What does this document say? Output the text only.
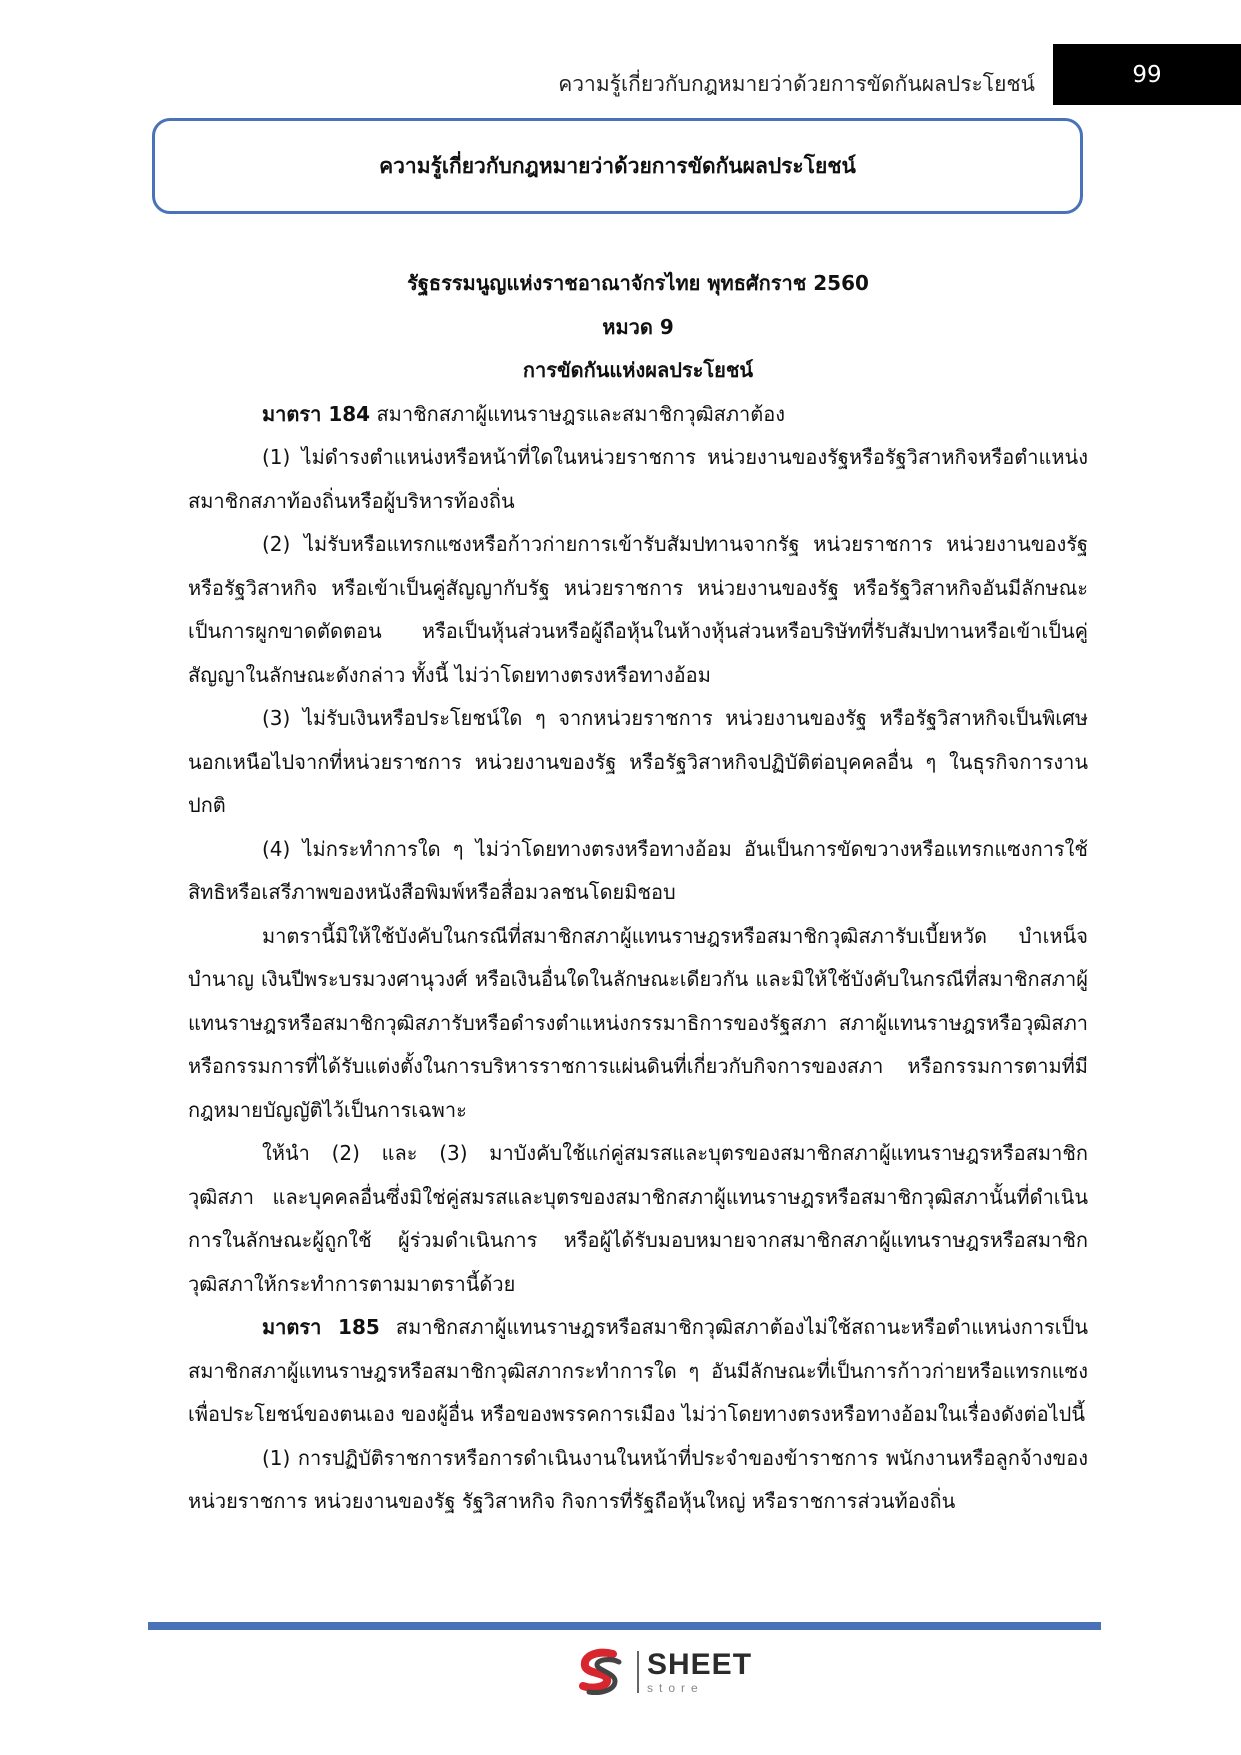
ความรู้เกี่ยวกับกฎหมายว่าด้วยการขัดกันผลประโยชน์	99
ความรู้เกี่ยวกับกฎหมายว่าด้วยการขัดกันผลประโยชน์

รัฐธรรมนูญแห่งราชอาณาจักรไทย พุทธศักราช 2560

หมวด 9

การขัดกันแห่งผลประโยชน์

มาตรา 184 สมาชิกสภาผู้แทนราษฎรและสมาชิกวุฒิสภาต้อง

(1) ไม่ดำรงตำแหน่งหรือหน้าที่ใดในหน่วยราชการ หน่วยงานของรัฐหรือรัฐวิสาหกิจหรือตำแหน่งสมาชิกสภาท้องถิ่นหรือผู้บริหารท้องถิ่น

(2) ไม่รับหรือแทรกแซงหรือก้าวก่ายการเข้ารับสัมปทานจากรัฐ หน่วยราชการ หน่วยงานของรัฐหรือรัฐวิสาหกิจ หรือเข้าเป็นคู่สัญญากับรัฐ หน่วยราชการ หน่วยงานของรัฐ หรือรัฐวิสาหกิจอันมีลักษณะเป็นการผูกขาดตัดตอน หรือเป็นหุ้นส่วนหรือผู้ถือหุ้นในห้างหุ้นส่วนหรือบริษัทที่รับสัมปทานหรือเข้าเป็นคู่สัญญาในลักษณะดังกล่าว ทั้งนี้ ไม่ว่าโดยทางตรงหรือทางอ้อม

(3) ไม่รับเงินหรือประโยชน์ใด ๆ จากหน่วยราชการ หน่วยงานของรัฐ หรือรัฐวิสาหกิจเป็นพิเศษนอกเหนือไปจากที่หน่วยราชการ หน่วยงานของรัฐ หรือรัฐวิสาหกิจปฏิบัติต่อบุคคลอื่น ๆ ในธุรกิจการงานปกติ

(4) ไม่กระทำการใด ๆ ไม่ว่าโดยทางตรงหรือทางอ้อม อันเป็นการขัดขวางหรือแทรกแซงการใช้สิทธิหรือเสรีภาพของหนังสือพิมพ์หรือสื่อมวลชนโดยมิชอบ

มาตรานี้มิให้ใช้บังคับในกรณีที่สมาชิกสภาผู้แทนราษฎรหรือสมาชิกวุฒิสภารับเบี้ยหวัด บำเหน็จบำนาญ เงินปีพระบรมวงศานุวงศ์ หรือเงินอื่นใดในลักษณะเดียวกัน และมิให้ใช้บังคับในกรณีที่สมาชิกสภาผู้แทนราษฎรหรือสมาชิกวุฒิสภารับหรือดำรงตำแหน่งกรรมาธิการของรัฐสภา สภาผู้แทนราษฎรหรือวุฒิสภา หรือกรรมการที่ได้รับแต่งตั้งในการบริหารราชการแผ่นดินที่เกี่ยวกับกิจการของสภา หรือกรรมการตามที่มีกฎหมายบัญญัติไว้เป็นการเฉพาะ

ให้นำ (2) และ (3) มาบังคับใช้แก่คู่สมรสและบุตรของสมาชิกสภาผู้แทนราษฎรหรือสมาชิกวุฒิสภา และบุคคลอื่นซึ่งมิใช่คู่สมรสและบุตรของสมาชิกสภาผู้แทนราษฎรหรือสมาชิกวุฒิสภานั้นที่ดำเนินการในลักษณะผู้ถูกใช้ ผู้ร่วมดำเนินการ หรือผู้ได้รับมอบหมายจากสมาชิกสภาผู้แทนราษฎรหรือสมาชิกวุฒิสภาให้กระทำการตามมาตรานี้ด้วย

มาตรา 185 สมาชิกสภาผู้แทนราษฎรหรือสมาชิกวุฒิสภาต้องไม่ใช้สถานะหรือตำแหน่งการเป็นสมาชิกสภาผู้แทนราษฎรหรือสมาชิกวุฒิสภากระทำการใด ๆ อันมีลักษณะที่เป็นการก้าวก่ายหรือแทรกแซงเพื่อประโยชน์ของตนเอง ของผู้อื่น หรือของพรรคการเมือง ไม่ว่าโดยทางตรงหรือทางอ้อมในเรื่องดังต่อไปนี้

(1) การปฏิบัติราชการหรือการดำเนินงานในหน้าที่ประจำของข้าราชการ พนักงานหรือลูกจ้างของหน่วยราชการ หน่วยงานของรัฐ รัฐวิสาหกิจ กิจการที่รัฐถือหุ้นใหญ่ หรือราชการส่วนท้องถิ่น

SHEET
store
